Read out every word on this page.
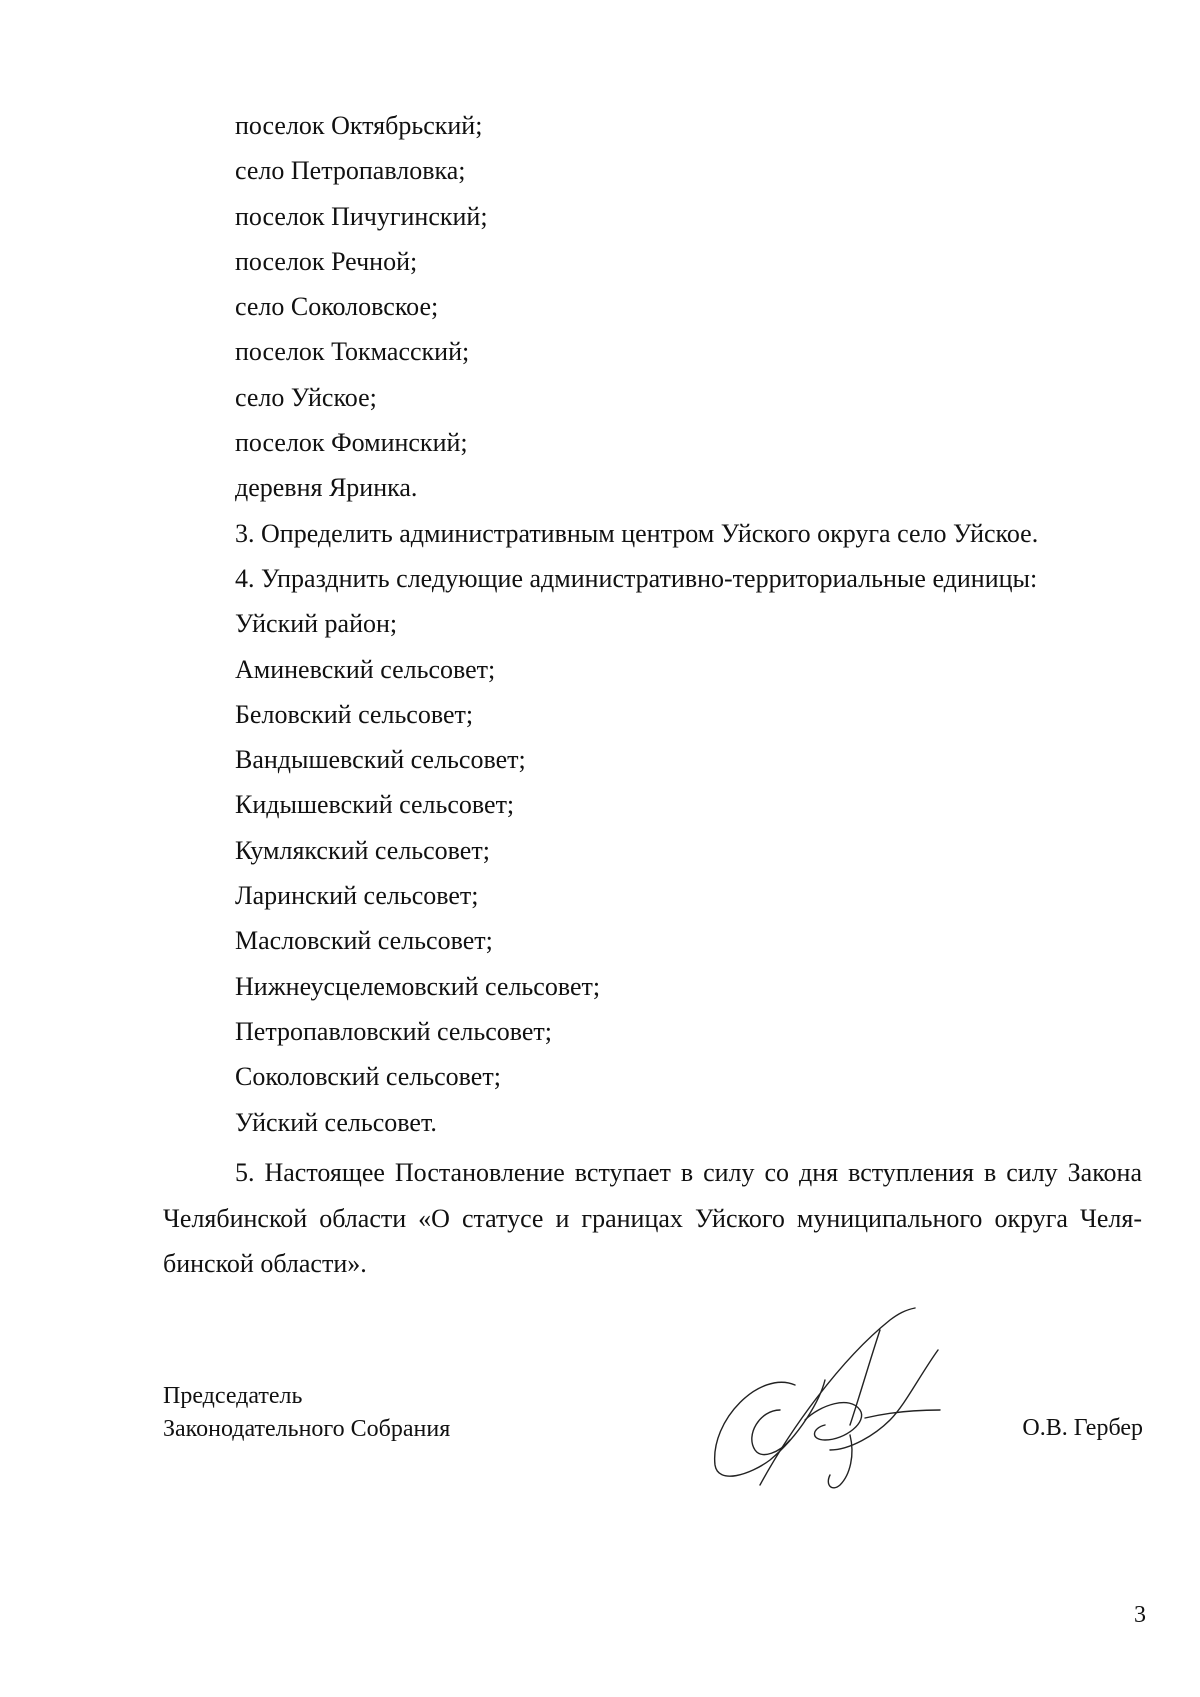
поселок Октябрьский;
село Петропавловка;
поселок Пичугинский;
поселок Речной;
село Соколовское;
поселок Токмасский;
село Уйское;
поселок Фоминский;
деревня Яринка.
3. Определить административным центром Уйского округа село Уйское.
4. Упразднить следующие административно-территориальные единицы:
Уйский район;
Аминевский сельсовет;
Беловский сельсовет;
Вандышевский сельсовет;
Кидышевский сельсовет;
Кумлякский сельсовет;
Ларинский сельсовет;
Масловский сельсовет;
Нижнеусцелемовский сельсовет;
Петропавловский сельсовет;
Соколовский сельсовет;
Уйский сельсовет.

5. Настоящее Постановление вступает в силу со дня вступления в силу Закона Челябинской области «О статусе и границах Уйского муниципального округа Челя-бинской области».

Председатель
Законодательного Собрания	О.В. Гербер
3
